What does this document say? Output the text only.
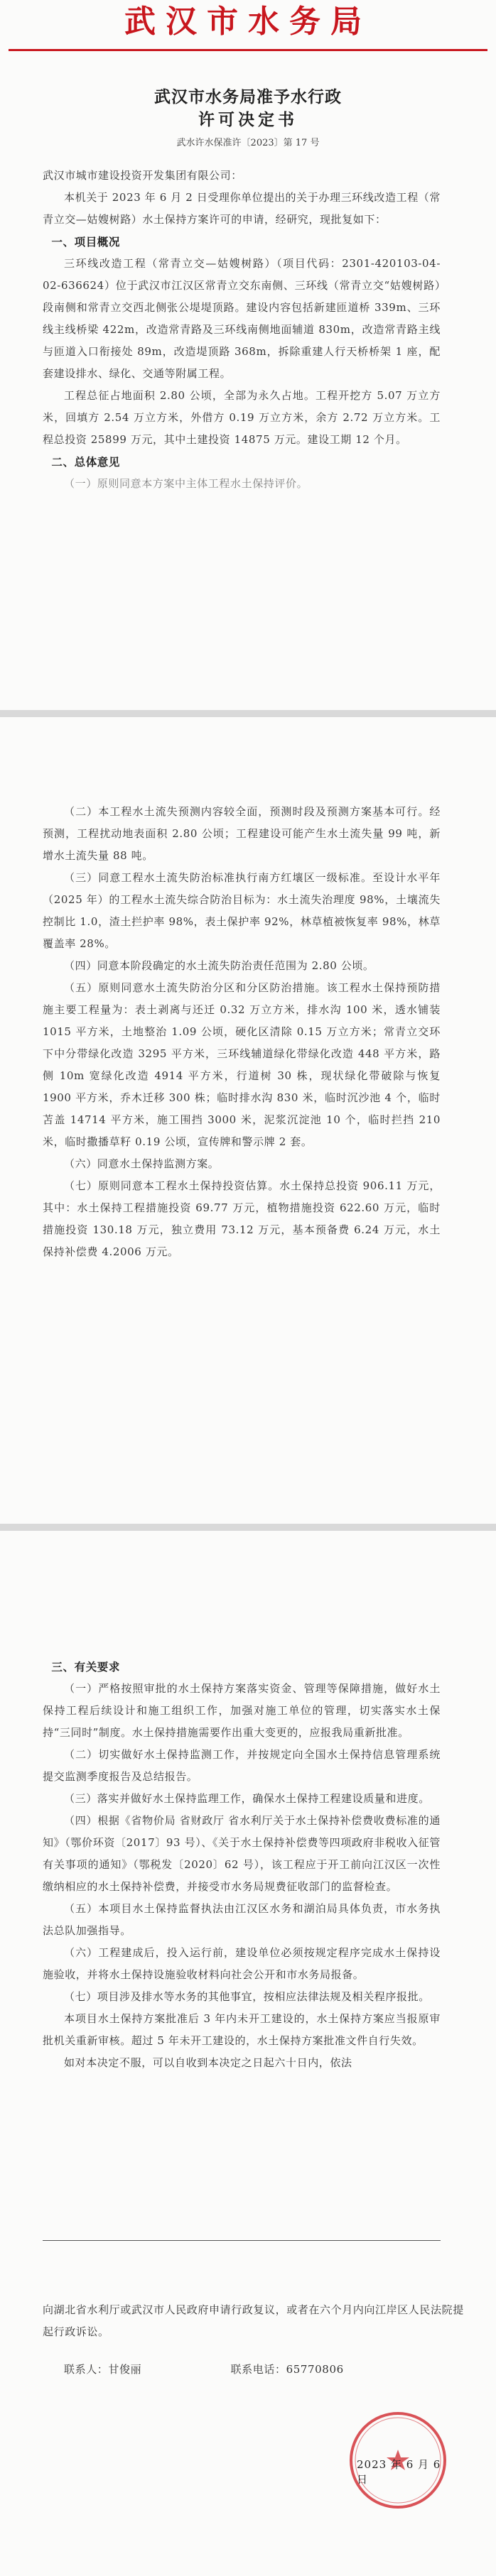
武汉市水务局
武汉市水务局准予水行政
许可决定书
武水许水保准许〔2023〕第 17 号

武汉市城市建设投资开发集团有限公司：

本机关于 2023 年 6 月 2 日受理你单位提出的关于办理三环线改造工程（常青立交—姑嫂树路）水土保持方案许可的申请，经研究，现批复如下：

一、项目概况

三环线改造工程（常青立交—姑嫂树路）（项目代码：2301-420103-04-02-636624）位于武汉市江汉区常青立交东南侧、三环线（常青立交“姑嫂树路）段南侧和常青立交西北侧张公堤堤顶路。建设内容包括新建匝道桥 339m、三环线主线桥梁 422m，改造常青路及三环线南侧地面辅道 830m，改造常青路主线与匝道入口衔接处 89m，改造堤顶路 368m，拆除重建人行天桥桥架 1 座，配套建设排水、绿化、交通等附属工程。

工程总征占地面积 2.80 公顷，全部为永久占地。工程开挖方 5.07 万立方米，回填方 2.54 万立方米，外借方 0.19 万立方米，余方 2.72 万立方米。工程总投资 25899 万元，其中土建投资 14875 万元。建设工期 12 个月。

二、总体意见

（一）原则同意本方案中主体工程水土保持评价。

（二）本工程水土流失预测内容较全面，预测时段及预测方案基本可行。经预测，工程扰动地表面积 2.80 公顷；工程建设可能产生水土流失量 99 吨，新增水土流失量 88 吨。

（三）同意工程水土流失防治标准执行南方红壤区一级标准。至设计水平年（2025 年）的工程水土流失综合防治目标为：水土流失治理度 98%，土壤流失控制比 1.0，渣土拦护率 98%，表土保护率 92%，林草植被恢复率 98%，林草覆盖率 28%。

（四）同意本阶段确定的水土流失防治责任范围为 2.80 公顷。

（五）原则同意水土流失防治分区和分区防治措施。该工程水土保持预防措施主要工程量为：表土剥离与还迁 0.32 万立方米，排水沟 100 米，透水铺装 1015 平方米，土地整治 1.09 公顷，硬化区清除 0.15 万立方米；常青立交环下中分带绿化改造 3295 平方米，三环线辅道绿化带绿化改造 448 平方米，路侧 10m 宽绿化改造 4914 平方米，行道树 30 株，现状绿化带破除与恢复 1900 平方米，乔木迁移 300 株；临时排水沟 830 米，临时沉沙池 4 个，临时苫盖 14714 平方米，施工围挡 3000 米，泥浆沉淀池 10 个，临时拦挡 210 米，临时撒播草籽 0.19 公顷，宣传牌和警示牌 2 套。

（六）同意水土保持监测方案。

（七）原则同意本工程水土保持投资估算。水土保持总投资 906.11 万元，其中：水土保持工程措施投资 69.77 万元，植物措施投资 622.60 万元，临时措施投资 130.18 万元，独立费用 73.12 万元，基本预备费 6.24 万元，水土保持补偿费 4.2006 万元。

三、有关要求

（一）严格按照审批的水土保持方案落实资金、管理等保障措施，做好水土保持工程后续设计和施工组织工作，加强对施工单位的管理，切实落实水土保持“三同时”制度。水土保持措施需要作出重大变更的，应报我局重新批准。

（二）切实做好水土保持监测工作，并按规定向全国水土保持信息管理系统提交监测季度报告及总结报告。

（三）落实并做好水土保持监理工作，确保水土保持工程建设质量和进度。

（四）根据《省物价局 省财政厅 省水利厅关于水土保持补偿费收费标准的通知》（鄂价环资〔2017〕93 号）、《关于水土保持补偿费等四项政府非税收入征管有关事项的通知》（鄂税发〔2020〕62 号），该工程应于开工前向江汉区一次性缴纳相应的水土保持补偿费，并接受市水务局规费征收部门的监督检查。

（五）本项目水土保持监督执法由江汉区水务和湖泊局具体负责，市水务执法总队加强指导。

（六）工程建成后，投入运行前，建设单位必须按规定程序完成水土保持设施验收，并将水土保持设施验收材料向社会公开和市水务局报备。

（七）项目涉及排水等水务的其他事宜，按相应法律法规及相关程序报批。

本项目水土保持方案批准后 3 年内未开工建设的，水土保持方案应当报原审批机关重新审核。超过 5 年未开工建设的，水土保持方案批准文件自行失效。

如对本决定不服，可以自收到本决定之日起六十日内，依法

向湖北省水利厅或武汉市人民政府申请行政复议，或者在六个月内向江岸区人民法院提起行政诉讼。

联系人：甘俊丽	联系电话：65770806
2023 年 6 月 6 日
